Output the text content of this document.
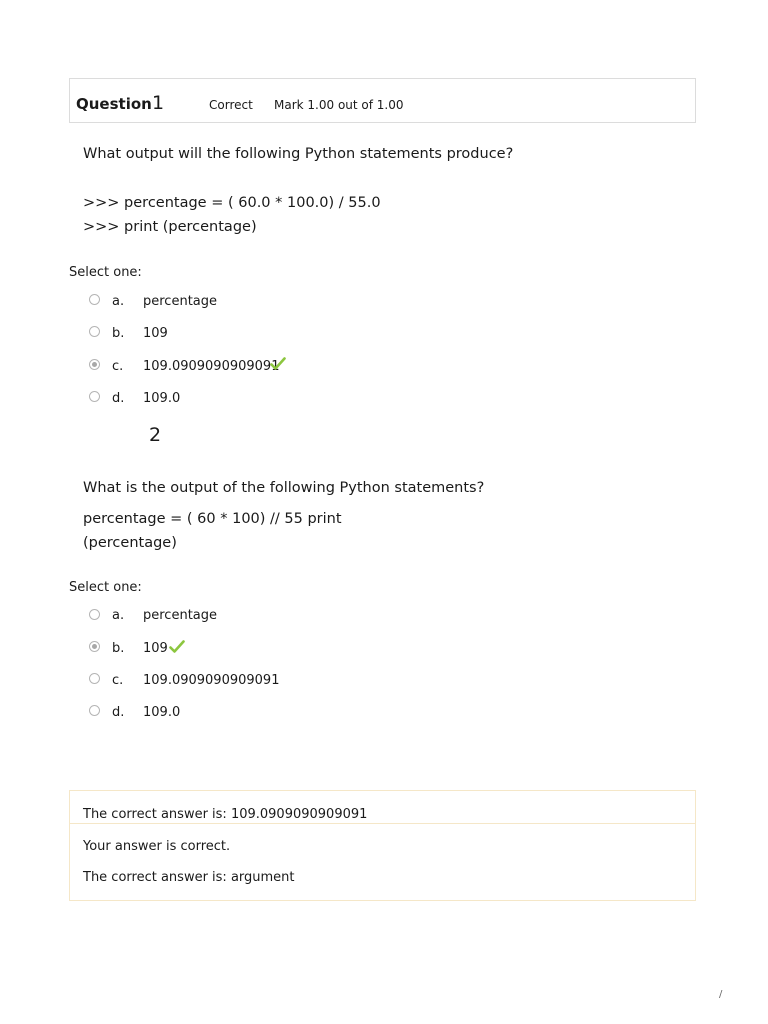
Question 1	Correct Mark 1.00 out of 1.00
What output will the following Python statements produce?
>>> percentage = ( 60.0 * 100.0) / 55.0
>>> print (percentage)
Select one:
a. percentage
b. 109
c. 109.0909090909091
d. 109.0
2
What is the output of the following Python statements?
percentage = ( 60 * 100) // 55 print
(percentage)
Select one:
a. percentage
b. 109
c. 109.0909090909091
d. 109.0
The correct answer is: 109.0909090909091
Your answer is correct.
The correct answer is: argument
/
